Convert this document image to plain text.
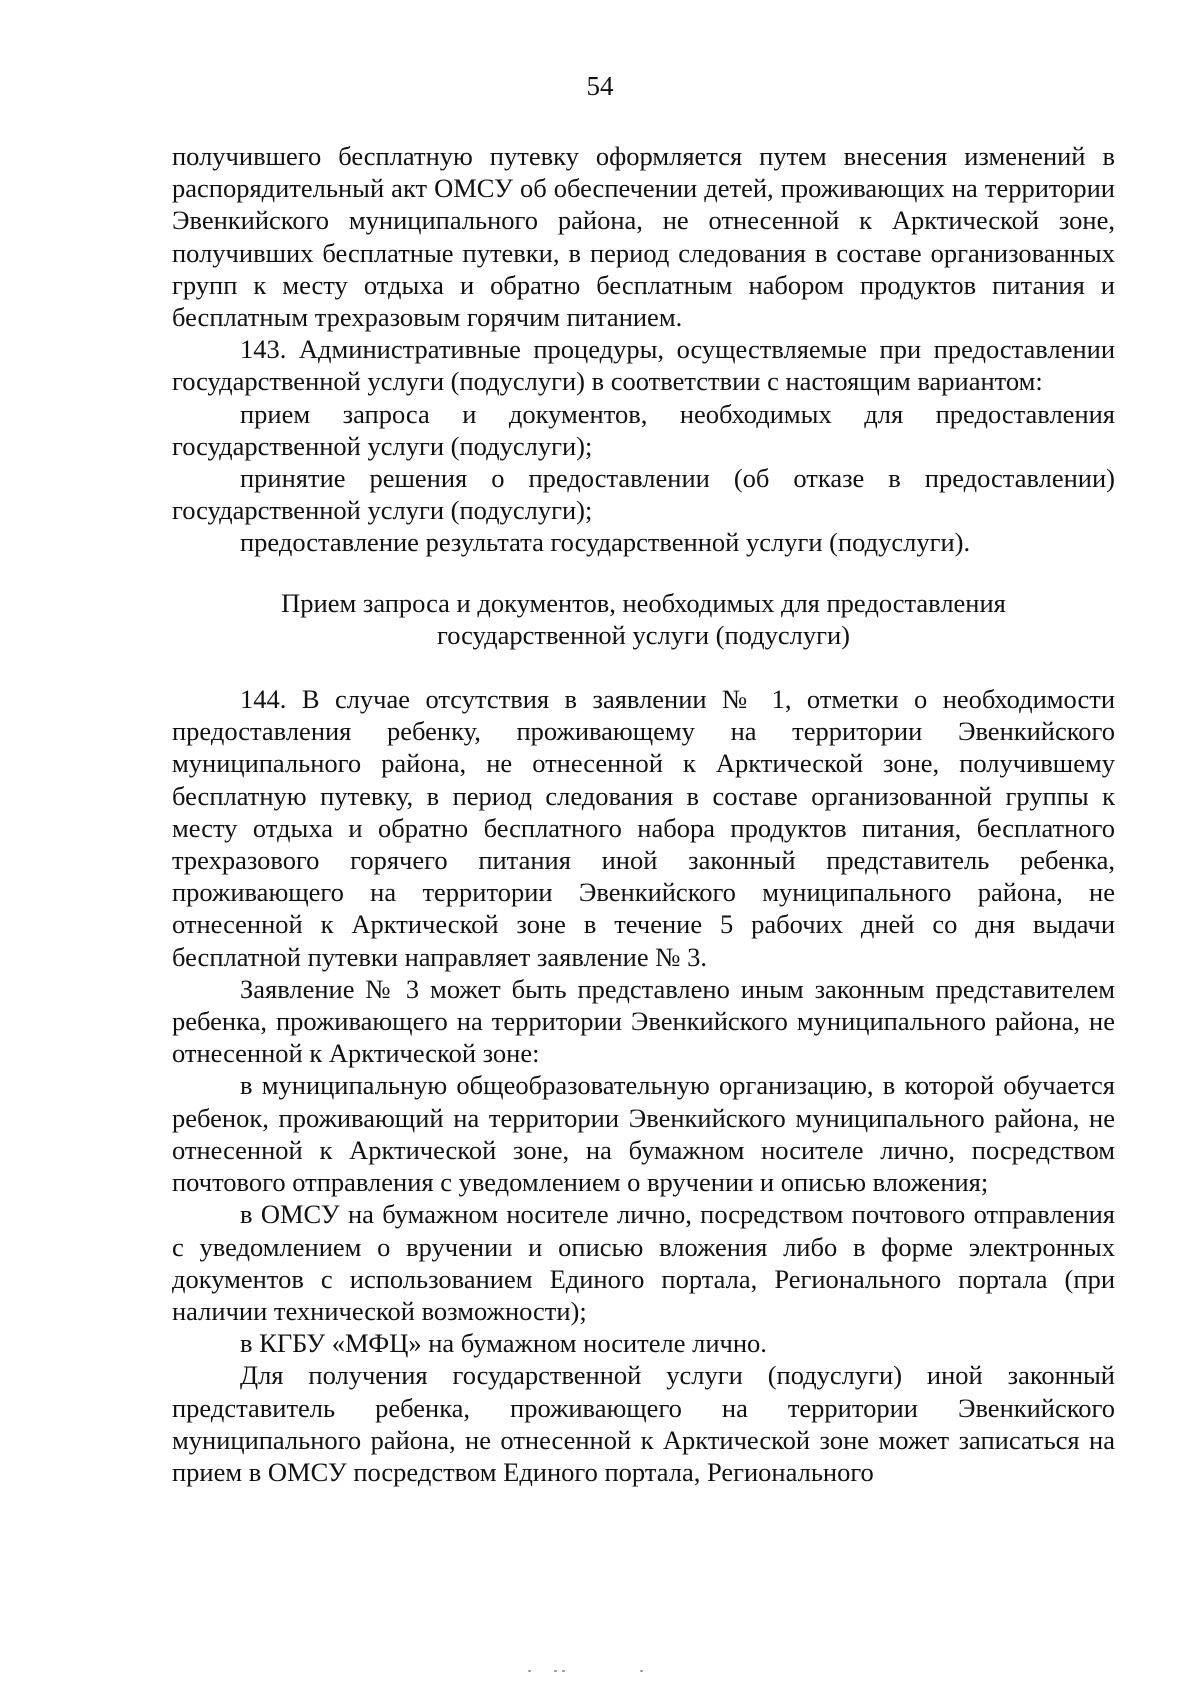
54

получившего бесплатную путевку оформляется путем внесения изменений в распорядительный акт ОМСУ об обеспечении детей, проживающих на территории Эвенкийского муниципального района, не отнесенной к Арктической зоне, получивших бесплатные путевки, в период следования в составе организованных групп к месту отдыха и обратно бесплатным набором продуктов питания и бесплатным трехразовым горячим питанием.

143. Административные процедуры, осуществляемые при предоставлении государственной услуги (подуслуги) в соответствии с настоящим вариантом:

прием запроса и документов, необходимых для предоставления государственной услуги (подуслуги);

принятие решения о предоставлении (об отказе в предоставлении) государственной услуги (подуслуги);

предоставление результата государственной услуги (подуслуги).

Прием запроса и документов, необходимых для предоставления
государственной услуги (подуслуги)

144. В случае отсутствия в заявлении № 1, отметки о необходимости предоставления ребенку, проживающему на территории Эвенкийского муниципального района, не отнесенной к Арктической зоне, получившему бесплатную путевку, в период следования в составе организованной группы к месту отдыха и обратно бесплатного набора продуктов питания, бесплатного трехразового горячего питания иной законный представитель ребенка, проживающего на территории Эвенкийского муниципального района, не отнесенной к Арктической зоне в течение 5 рабочих дней со дня выдачи бесплатной путевки направляет заявление № 3.

Заявление № 3 может быть представлено иным законным представителем ребенка, проживающего на территории Эвенкийского муниципального района, не отнесенной к Арктической зоне:

в муниципальную общеобразовательную организацию, в которой обучается ребенок, проживающий на территории Эвенкийского муниципального района, не отнесенной к Арктической зоне, на бумажном носителе лично, посредством почтового отправления с уведомлением о вручении и описью вложения;

в ОМСУ на бумажном носителе лично, посредством почтового отправления с уведомлением о вручении и описью вложения либо в форме электронных документов с использованием Единого портала, Регионального портала (при наличии технической возможности);

в КГБУ «МФЦ» на бумажном носителе лично.

Для получения государственной услуги (подуслуги) иной законный представитель ребенка, проживающего на территории Эвенкийского муниципального района, не отнесенной к Арктической зоне может записаться на прием в ОМСУ посредством Единого портала, Регионального
